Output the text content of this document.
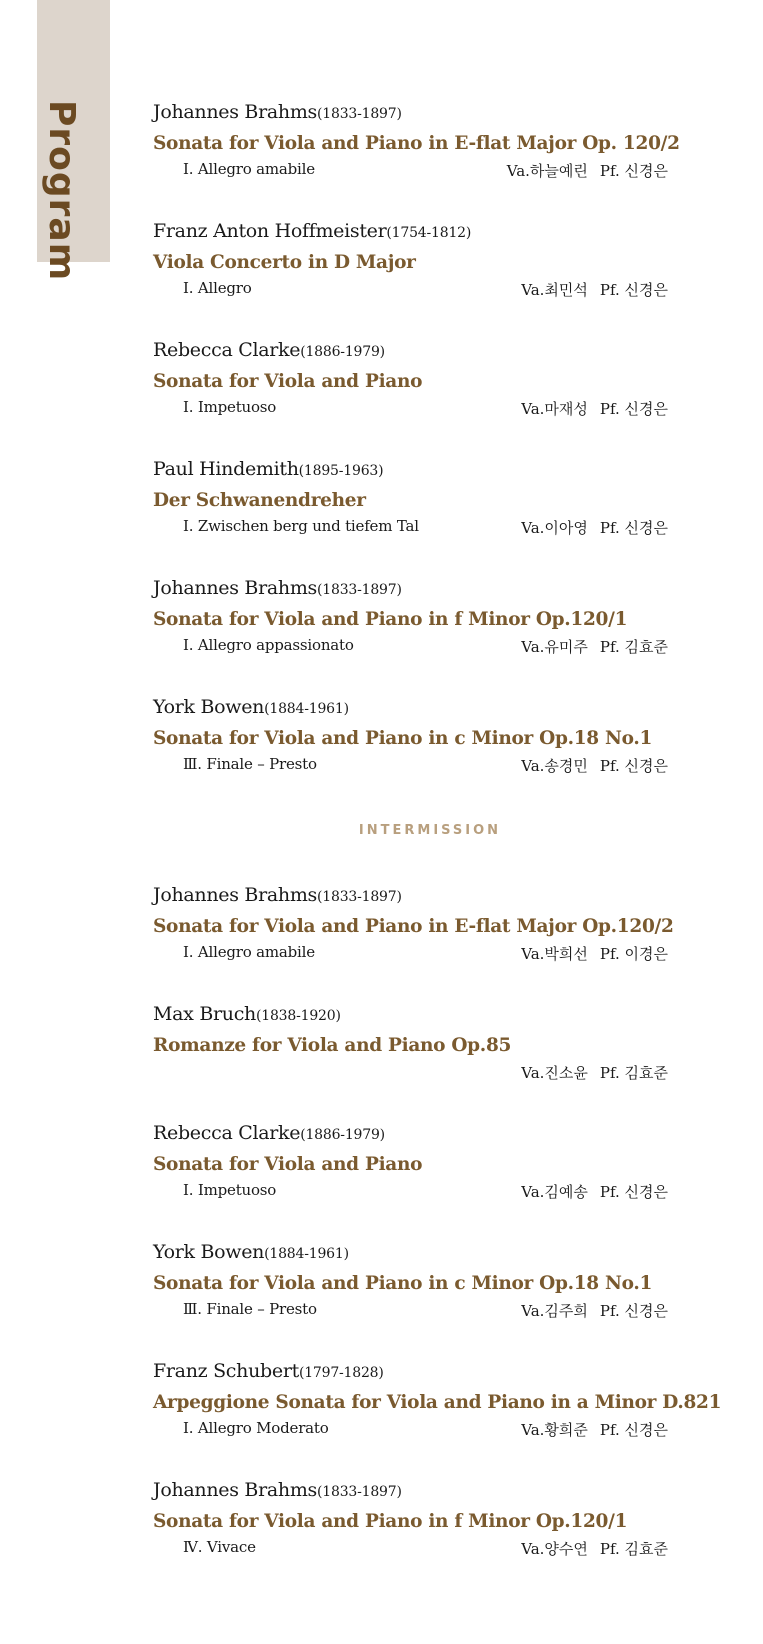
Program	Johannes Brahms(1833-1897)
Sonata for Viola and Piano in E-flat Major Op. 120/2
Ⅰ. Allegro amabile	Va.하늘예린 Pf. 신경은
Franz Anton Hoffmeister(1754-1812)
Viola Concerto in D Major
Ⅰ. Allegro	Va.최민석 Pf. 신경은
Rebecca Clarke(1886-1979)
Sonata for Viola and Piano
Ⅰ. Impetuoso	Va.마재성 Pf. 신경은
Paul Hindemith(1895-1963)
Der Schwanendreher
Ⅰ. Zwischen berg und tiefem Tal	Va.이아영 Pf. 신경은
Johannes Brahms(1833-1897)
Sonata for Viola and Piano in f Minor Op.120/1
Ⅰ. Allegro appassionato	Va.유미주 Pf. 김효준
York Bowen(1884-1961)
Sonata for Viola and Piano in c Minor Op.18 No.1
Ⅲ. Finale – Presto	Va.송경민 Pf. 신경은
INTERMISSION
Johannes Brahms(1833-1897)
Sonata for Viola and Piano in E-flat Major Op.120/2
Ⅰ. Allegro amabile	Va.박희선 Pf. 이경은
Max Bruch(1838-1920)
Romanze for Viola and Piano Op.85
Va.진소윤 Pf. 김효준
Rebecca Clarke(1886-1979)
Sonata for Viola and Piano
Ⅰ. Impetuoso	Va.김예송 Pf. 신경은
York Bowen(1884-1961)
Sonata for Viola and Piano in c Minor Op.18 No.1
Ⅲ. Finale – Presto	Va.김주희 Pf. 신경은
Franz Schubert(1797-1828)
Arpeggione Sonata for Viola and Piano in a Minor D.821
Ⅰ. Allegro Moderato	Va.황희준 Pf. 신경은
Johannes Brahms(1833-1897)
Sonata for Viola and Piano in f Minor Op.120/1
Ⅳ. Vivace	Va.양수연 Pf. 김효준
